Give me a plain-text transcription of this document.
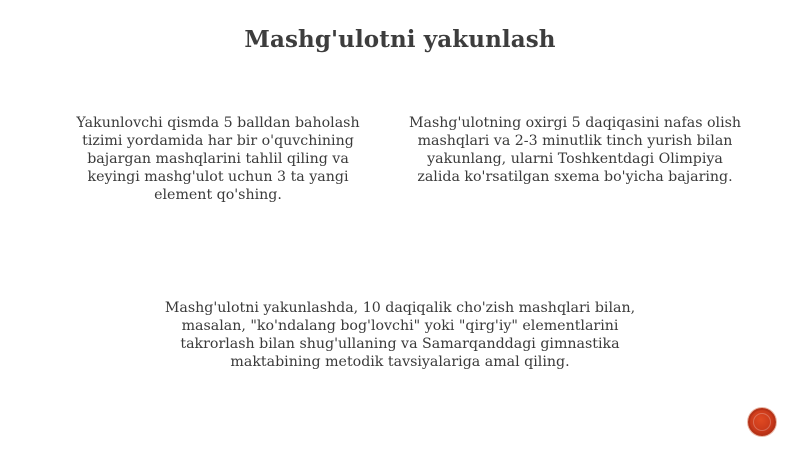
Mashg'ulotni yakunlash
Yakunlovchi qismda 5 balldan baholash
tizimi yordamida har bir o'quvchining
bajargan mashqlarini tahlil qiling va
keyingi mashg'ulot uchun 3 ta yangi
element qo'shing.
Mashg'ulotning oxirgi 5 daqiqasini nafas olish
mashqlari va 2-3 minutlik tinch yurish bilan
yakunlang, ularni Toshkentdagi Olimpiya
zalida ko'rsatilgan sxema bo'yicha bajaring.
Mashg'ulotni yakunlashda, 10 daqiqalik cho'zish mashqlari bilan,
masalan, "ko'ndalang bog'lovchi" yoki "qirg'iy" elementlarini
takrorlash bilan shug'ullaning va Samarqanddagi gimnastika
maktabining metodik tavsiyalariga amal qiling.
